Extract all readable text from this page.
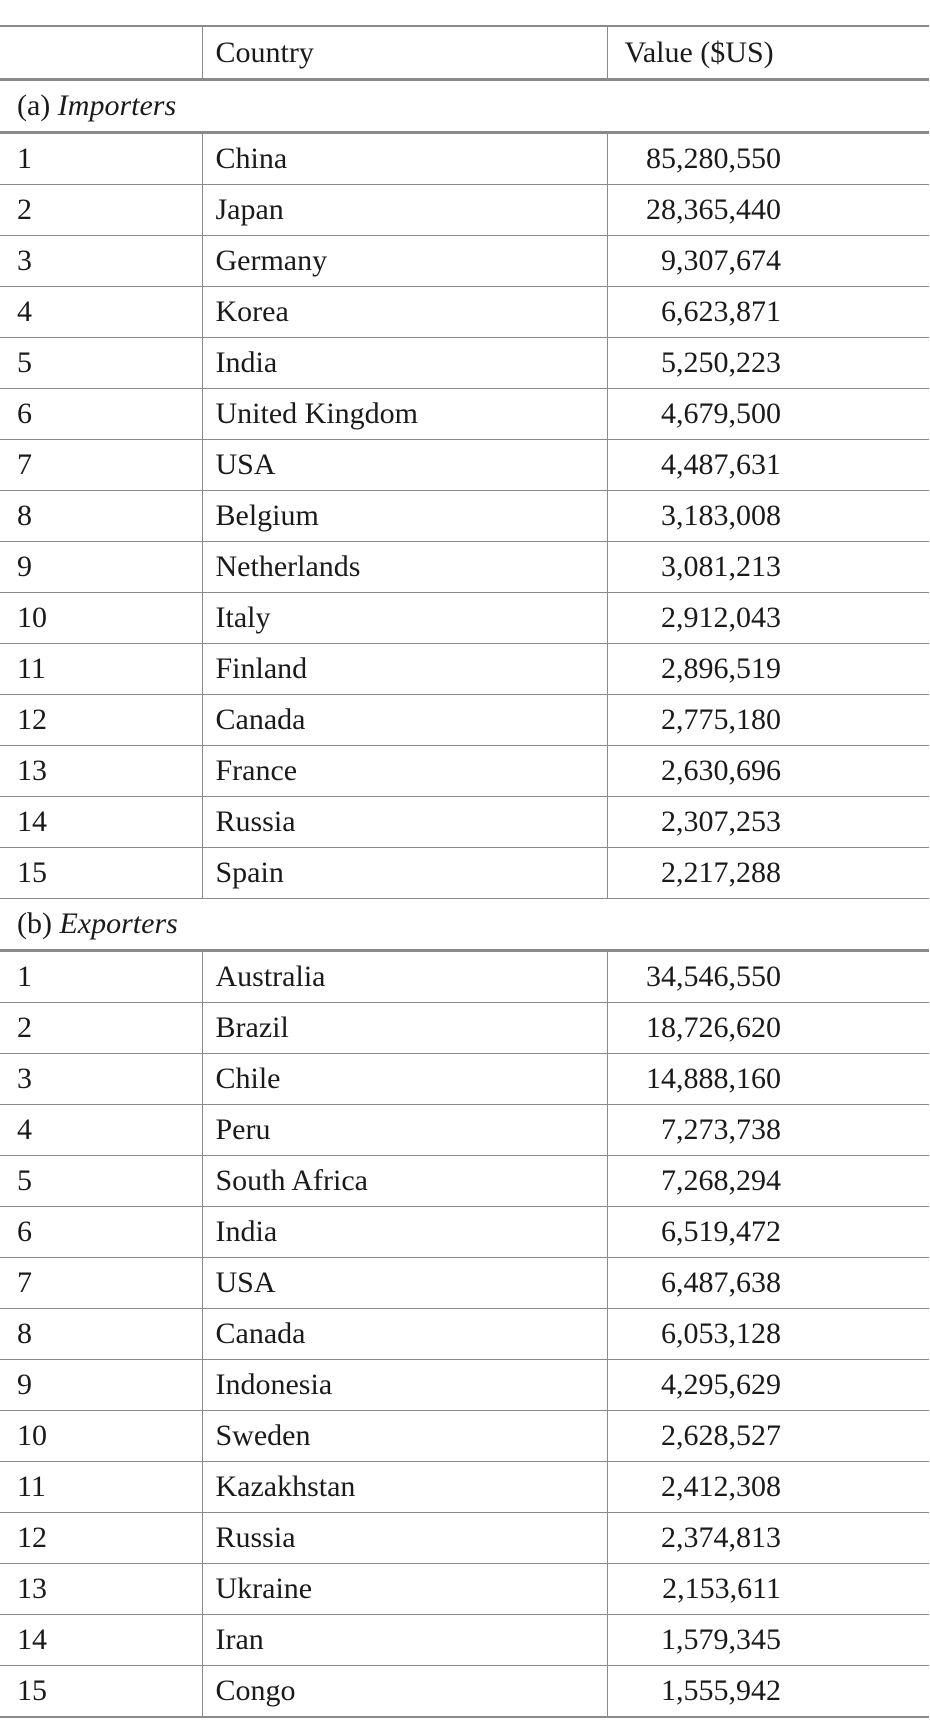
	Country	Value ($US)
(a) Importers		
1	China	85,280,550
2	Japan	28,365,440
3	Germany	9,307,674
4	Korea	6,623,871
5	India	5,250,223
6	United Kingdom	4,679,500
7	USA	4,487,631
8	Belgium	3,183,008
9	Netherlands	3,081,213
10	Italy	2,912,043
11	Finland	2,896,519
12	Canada	2,775,180
13	France	2,630,696
14	Russia	2,307,253
15	Spain	2,217,288
(b) Exporters		
1	Australia	34,546,550
2	Brazil	18,726,620
3	Chile	14,888,160
4	Peru	7,273,738
5	South Africa	7,268,294
6	India	6,519,472
7	USA	6,487,638
8	Canada	6,053,128
9	Indonesia	4,295,629
10	Sweden	2,628,527
11	Kazakhstan	2,412,308
12	Russia	2,374,813
13	Ukraine	2,153,611
14	Iran	1,579,345
15	Congo	1,555,942
